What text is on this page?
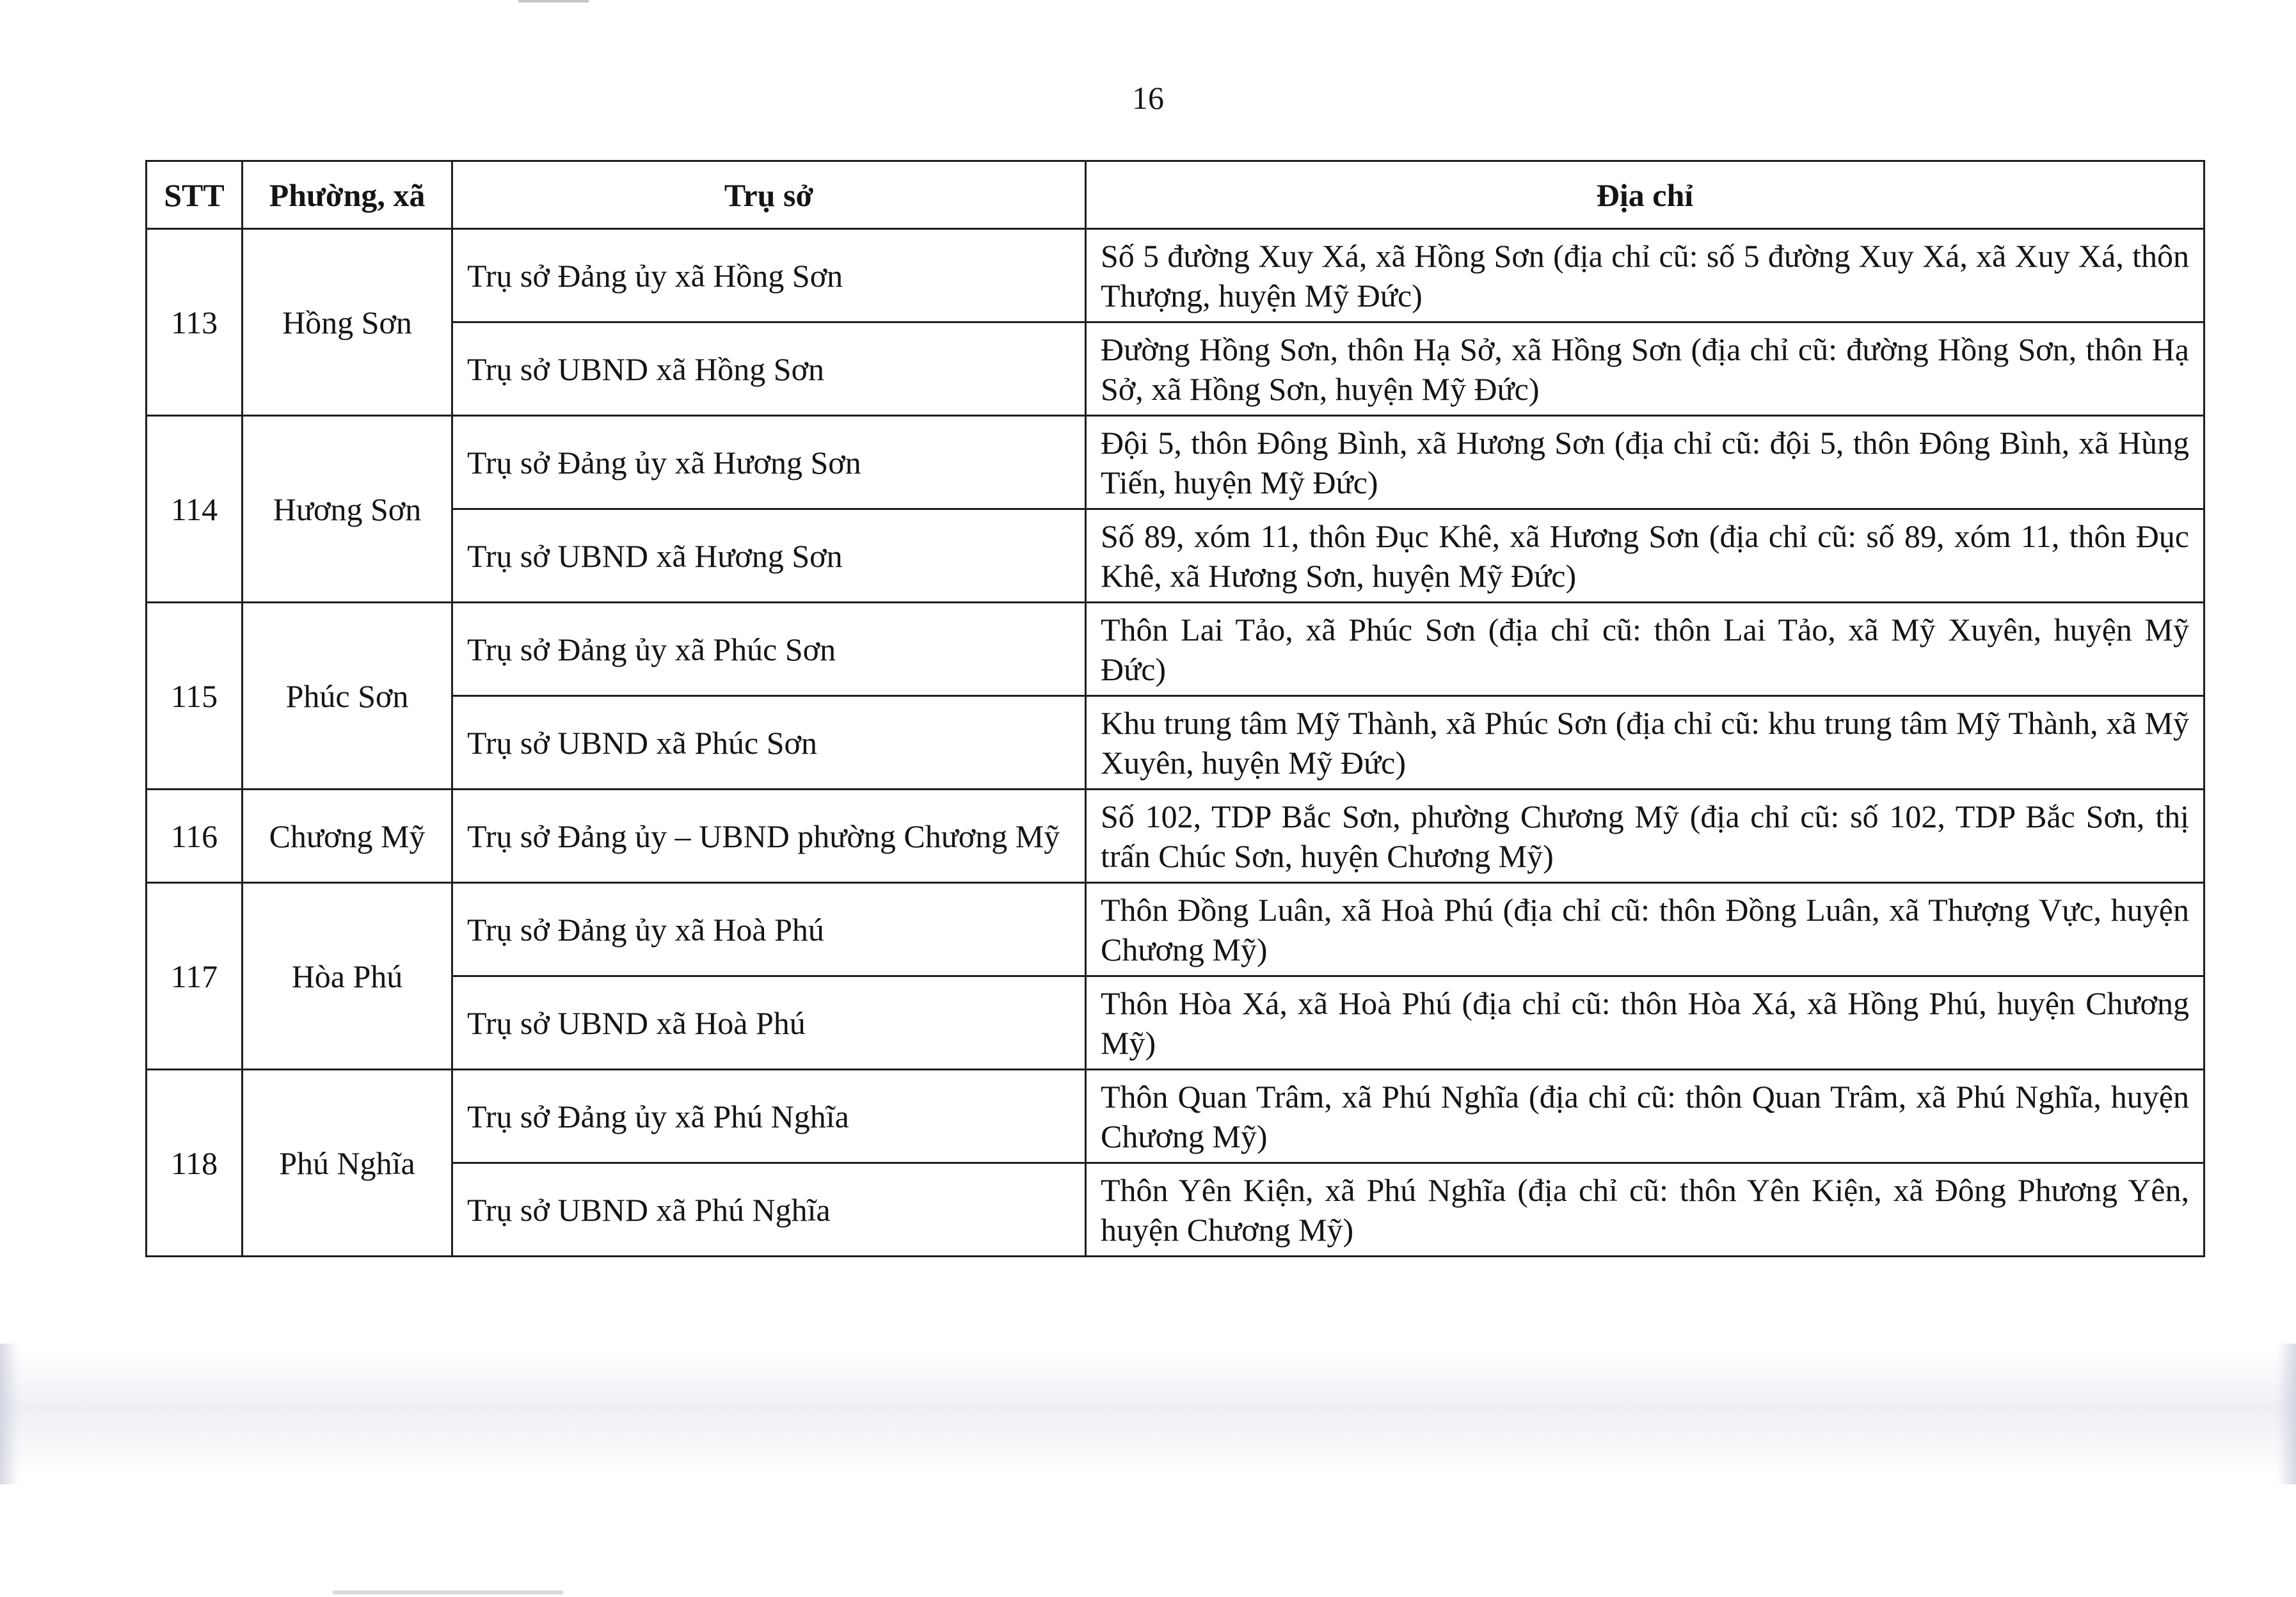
16
STT	Phường, xã	Trụ sở	Địa chỉ
113	Hồng Sơn	Trụ sở Đảng ủy xã Hồng Sơn	Số 5 đường Xuy Xá, xã Hồng Sơn (địa chỉ cũ: số 5 đường Xuy Xá, xã Xuy Xá, thôn Thượng, huyện Mỹ Đức)
		Trụ sở UBND xã Hồng Sơn	Đường Hồng Sơn, thôn Hạ Sở, xã Hồng Sơn (địa chỉ cũ: đường Hồng Sơn, thôn Hạ Sở, xã Hồng Sơn, huyện Mỹ Đức)
114	Hương Sơn	Trụ sở Đảng ủy xã Hương Sơn	Đội 5, thôn Đông Bình, xã Hương Sơn (địa chỉ cũ: đội 5, thôn Đông Bình, xã Hùng Tiến, huyện Mỹ Đức)
		Trụ sở UBND xã Hương Sơn	Số 89, xóm 11, thôn Đục Khê, xã Hương Sơn (địa chỉ cũ: số 89, xóm 11, thôn Đục Khê, xã Hương Sơn, huyện Mỹ Đức)
115	Phúc Sơn	Trụ sở Đảng ủy xã Phúc Sơn	Thôn Lai Tảo, xã Phúc Sơn (địa chỉ cũ: thôn Lai Tảo, xã Mỹ Xuyên, huyện Mỹ Đức)
		Trụ sở UBND xã Phúc Sơn	Khu trung tâm Mỹ Thành, xã Phúc Sơn (địa chỉ cũ: khu trung tâm Mỹ Thành, xã Mỹ Xuyên, huyện Mỹ Đức)
116	Chương Mỹ	Trụ sở Đảng ủy – UBND phường Chương Mỹ	Số 102, TDP Bắc Sơn, phường Chương Mỹ (địa chỉ cũ: số 102, TDP Bắc Sơn, thị trấn Chúc Sơn, huyện Chương Mỹ)
117	Hòa Phú	Trụ sở Đảng ủy xã Hoà Phú	Thôn Đồng Luân, xã Hoà Phú (địa chỉ cũ: thôn Đồng Luân, xã Thượng Vực, huyện Chương Mỹ)
		Trụ sở UBND xã Hoà Phú	Thôn Hòa Xá, xã Hoà Phú (địa chỉ cũ: thôn Hòa Xá, xã Hồng Phú, huyện Chương Mỹ)
118	Phú Nghĩa	Trụ sở Đảng ủy xã Phú Nghĩa	Thôn Quan Trâm, xã Phú Nghĩa (địa chỉ cũ: thôn Quan Trâm, xã Phú Nghĩa, huyện Chương Mỹ)
		Trụ sở UBND xã Phú Nghĩa	Thôn Yên Kiện, xã Phú Nghĩa (địa chỉ cũ: thôn Yên Kiện, xã Đông Phương Yên, huyện Chương Mỹ)
